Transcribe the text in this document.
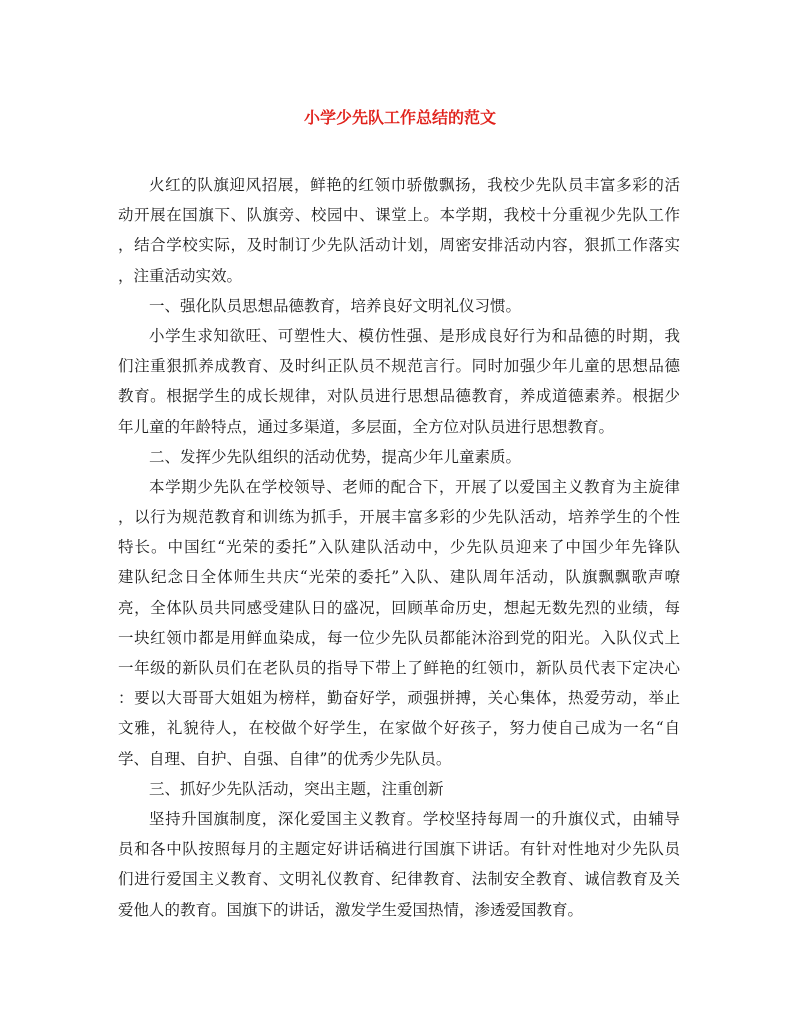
小学少先队工作总结的范文
火红的队旗迎风招展，鲜艳的红领巾骄傲飘扬，我校少先队员丰富多彩的活
动开展在国旗下、队旗旁、校园中、课堂上。本学期，我校十分重视少先队工作
，结合学校实际，及时制订少先队活动计划，周密安排活动内容，狠抓工作落实
，注重活动实效。
一、强化队员思想品德教育，培养良好文明礼仪习惯。
小学生求知欲旺、可塑性大、模仿性强、是形成良好行为和品德的时期，我
们注重狠抓养成教育、及时纠正队员不规范言行。同时加强少年儿童的思想品德
教育。根据学生的成长规律，对队员进行思想品德教育，养成道德素养。根据少
年儿童的年龄特点，通过多渠道，多层面，全方位对队员进行思想教育。
二、发挥少先队组织的活动优势，提高少年儿童素质。
本学期少先队在学校领导、老师的配合下，开展了以爱国主义教育为主旋律
，以行为规范教育和训练为抓手，开展丰富多彩的少先队活动，培养学生的个性
特长。中国红“光荣的委托”入队建队活动中，少先队员迎来了中国少年先锋队
建队纪念日全体师生共庆“光荣的委托”入队、建队周年活动，队旗飘飘歌声嘹
亮，全体队员共同感受建队日的盛况，回顾革命历史，想起无数先烈的业绩，每
一块红领巾都是用鲜血染成，每一位少先队员都能沐浴到党的阳光。入队仪式上
一年级的新队员们在老队员的指导下带上了鲜艳的红领巾，新队员代表下定决心
：要以大哥哥大姐姐为榜样，勤奋好学，顽强拼搏，关心集体，热爱劳动，举止
文雅，礼貌待人，在校做个好学生，在家做个好孩子，努力使自己成为一名“自
学、自理、自护、自强、自律”的优秀少先队员。
三、抓好少先队活动，突出主题，注重创新
坚持升国旗制度，深化爱国主义教育。学校坚持每周一的升旗仪式，由辅导
员和各中队按照每月的主题定好讲话稿进行国旗下讲话。有针对性地对少先队员
们进行爱国主义教育、文明礼仪教育、纪律教育、法制安全教育、诚信教育及关
爱他人的教育。国旗下的讲话，激发学生爱国热情，渗透爱国教育。
